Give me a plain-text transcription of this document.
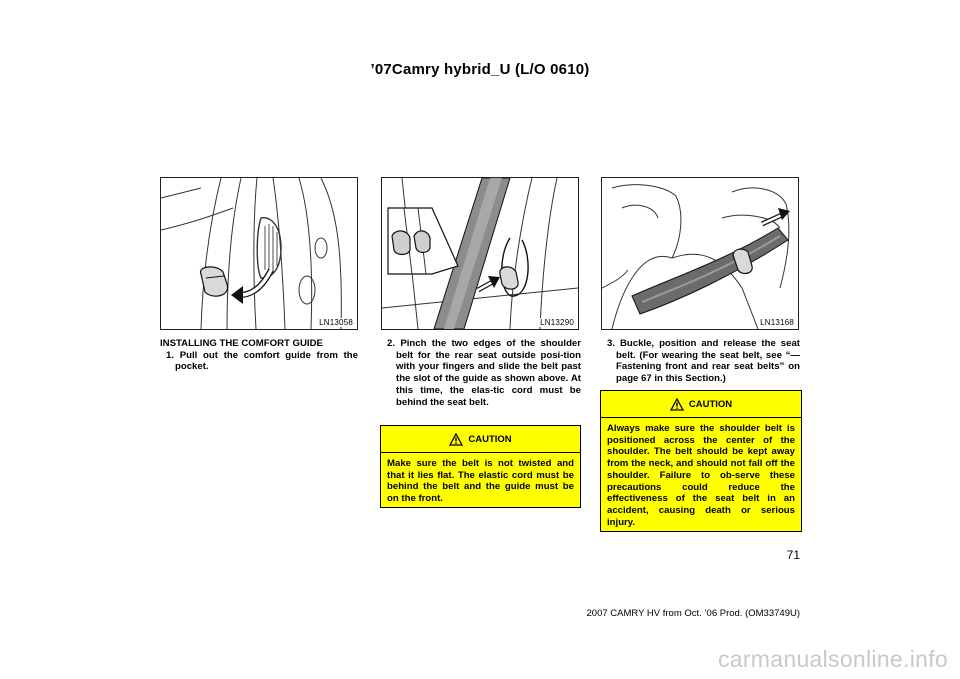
’07Camry hybrid_U (L/O 0610)
LN13058	LN13290	LN13168
INSTALLING THE COMFORT GUIDE
1. Pull out the comfort guide from the pocket.
2. Pinch the two edges of the shoulder belt for the rear seat outside posi-tion with your fingers and slide the belt past the slot of the guide as shown above. At this time, the elas-tic cord must be behind the seat belt.
CAUTION
Make sure the belt is not twisted and that it lies flat. The elastic cord must be behind the belt and the guide must be on the front.
3. Buckle, position and release the seat belt. (For wearing the seat belt, see “—Fastening front and rear seat belts” on page 67 in this Section.)
CAUTION
Always make sure the shoulder belt is positioned across the center of the shoulder. The belt should be kept away from the neck, and should not fall off the shoulder. Failure to ob-serve these precautions could reduce the effectiveness of the seat belt in an accident, causing death or serious injury.
71
2007 CAMRY HV from Oct. ’06 Prod. (OM33749U)
carmanualsonline.info
